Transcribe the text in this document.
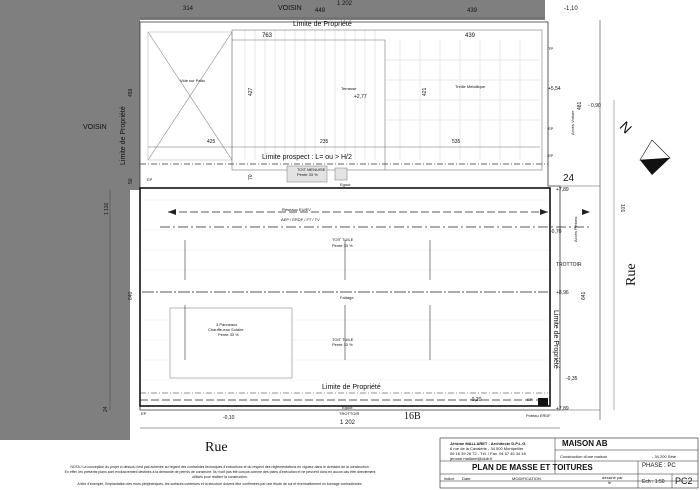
314	VOISIN 449
1 202
439	-1,10
Limite de Propriété
763	439
Vide sur Patio
Terrasse
+2,77
Treille Métallique
427	421
VOISIN Limite de Propriété
459
425	235	535
TP
+5,54
EP
EP
481
Accès Voiture
- 0,90
Limite prospect : L= ou > H/2
TOIT MENUISE
Pente 33 %
Egout
70
50	EP	24
+7,89
1 116	101
Réseaux EU/EV
AEP / ERDF / FT / TV
-0,70	Accès Piétons
TOIT TUILE
Pente 33 %
TROTTOIR	Rue
640	Faîtage
+8,96 641
3 Panneaux
Chauffe-eau Solaire
Pente 33 %
TOIT TUILE
Pente 33 %	Limite de Propriété
-0,35
Limite de Propriété
-0,20	EP
Poteau ERDF
+7,89
EP
-0,10
Egout
TROTTOIR	16B
24
1 202
N
Rue
NOTA / La conception du projet ci-dessus n'est pas achevée au regard des contraintes techniques d'exécutions et du respect des réglementations en vigueur dans le domaine de la construction.
En effet, les présents plans sont exclusivement destinés à la demande de permis de construire. Ils n'ont pas été conçus comme des plans d'exécution et ne peuvent donc en aucun cas être directement
utilisés pour réaliser la construction.
A titre d'exemple, l'implantation des murs périphériques, les surfaces cotéerues et la structure doivent être confirmées par une étude de sol et éventuellement un bornage contradictoire.
Jérôme MALLARET - Architecte D.P.L.G.
6 rue de la Cavalerie - 34 000 Montpellier
06 16 39 26 72 - Tél. / Fax. 04 67 45 34 18
jerome.mallaret@club.fr
MAISON AB
Construction d'une maison	- 34 200 Sète
PLAN DE MASSE ET TOITURES	PHASE : PC
indice Date	MODIFICATION	dessiné par
le	Ech : 1:50 PC2
